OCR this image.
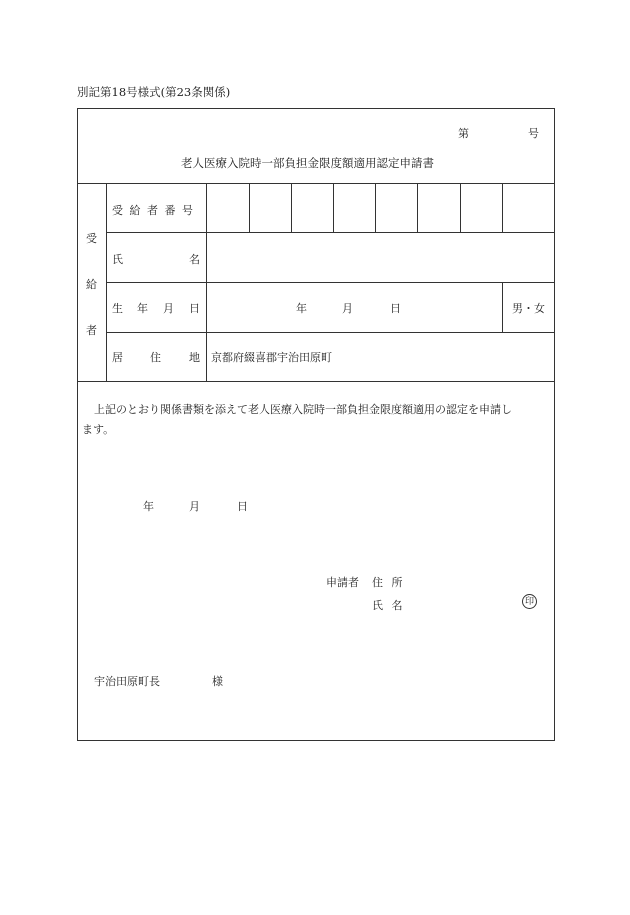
別記第18号様式(第23条関係)
第	号
老人医療入院時一部負担金限度額適用認定申請書
受
給
者
受 給 者 番 号
氏	名
生 年 月 日	年	月	日	男・女
居 住	地 京都府綴喜郡宇治田原町
上記のとおり関係書類を添えて老人医療入院時一部負担金限度額適用の認定を申請し
ます。
年	月	日
申請者 住 所
氏 名	印
宇治田原町長	様
